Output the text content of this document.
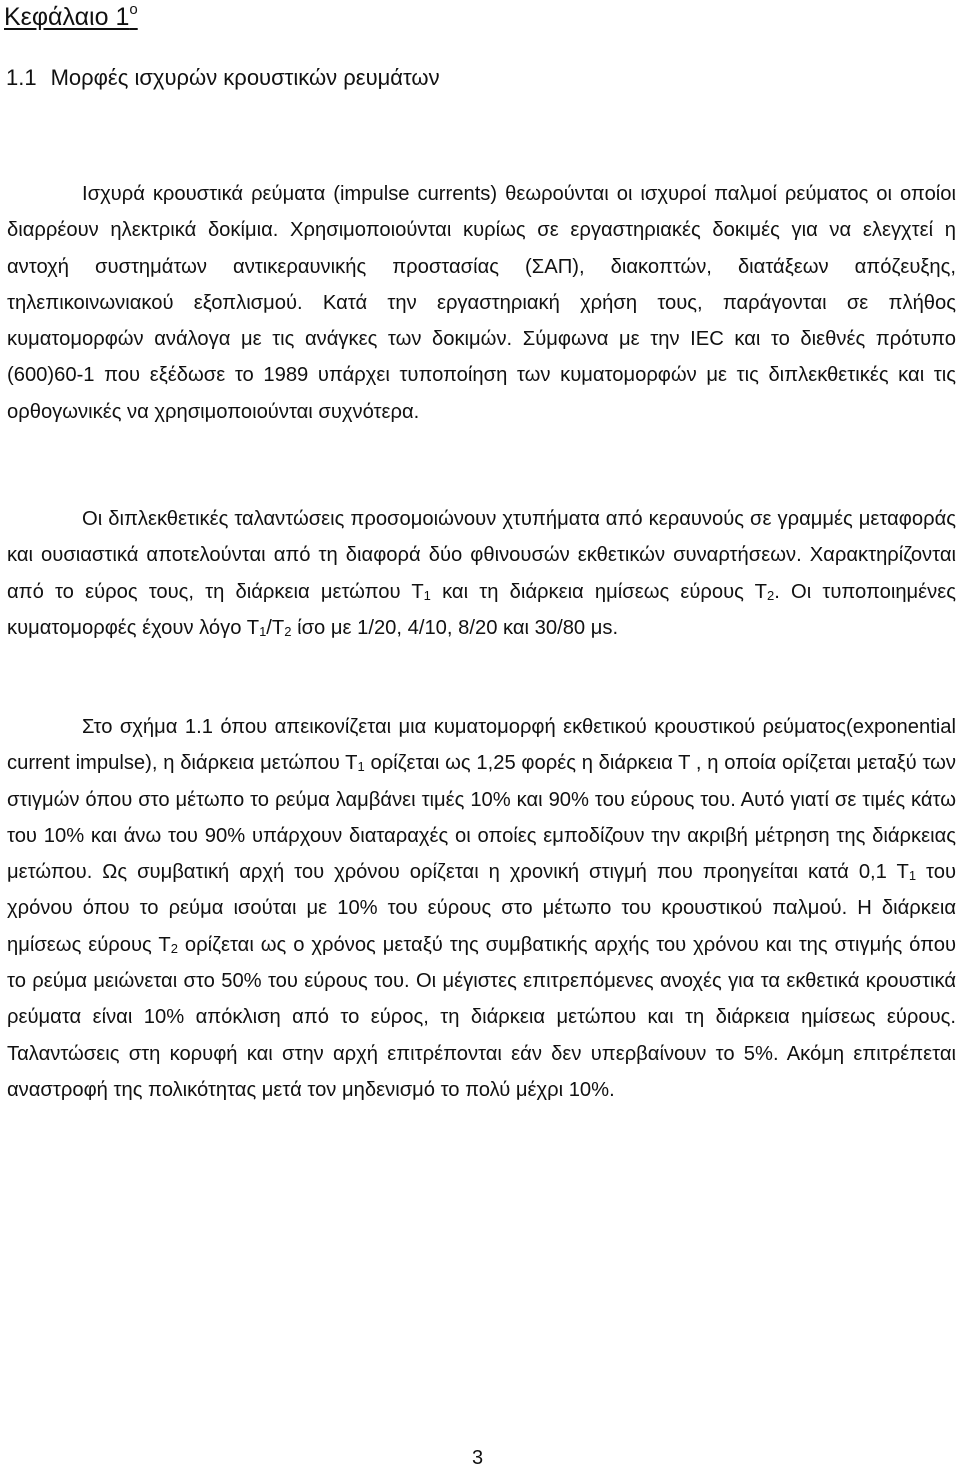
Κεφάλαιο $1^o$
1.1 Μορφές ισχυρών κρουστικών ρευμάτων

Ισχυρά κρουστικά ρεύματα (impulse currents) θεωρούνται οι ισχυροί παλμοί ρεύματος οι οποίοι διαρρέουν ηλεκτρικά δοκίμια. Χρησιμοποιούνται κυρίως σε εργαστηριακές δοκιμές για να ελεγχτεί η αντοχή συστημάτων αντικεραυνικής προστασίας (ΣΑΠ), διακοπτών, διατάξεων απόζευξης, τηλεπικοινωνιακού εξοπλισμού. Κατά την εργαστηριακή χρήση τους, παράγονται σε πλήθος κυματομορφών ανάλογα με τις ανάγκες των δοκιμών. Σύμφωνα με την IEC και το διεθνές πρότυπο (600)60-1 που εξέδωσε το 1989 υπάρχει τυποποίηση των κυματομορφών με τις διπλεκθετικές και τις ορθογωνικές να χρησιμοποιούνται συχνότερα.

Οι διπλεκθετικές ταλαντώσεις προσομοιώνουν χτυπήματα από κεραυνούς σε γραμμές μεταφοράς και ουσιαστικά αποτελούνται από τη διαφορά δύο φθινουσών εκθετικών συναρτήσεων. Χαρακτηρίζονται από το εύρος τους, τη διάρκεια μετώπου $T_1$ και τη διάρκεια ημίσεως εύρους $T_2$. Οι τυποποιημένες κυματομορφές έχουν λόγο $T_1/T_2$ ίσο με 1/20, 4/10, 8/20 και 30/80 μs.

Στο σχήμα 1.1 όπου απεικονίζεται μια κυματομορφή εκθετικού κρουστικού ρεύματος(exponential current impulse), η διάρκεια μετώπου $T_1$ ορίζεται ως 1,25 φορές η διάρκεια Τ , η οποία ορίζεται μεταξύ των στιγμών όπου στο μέτωπο το ρεύμα λαμβάνει τιμές 10% και 90% του εύρους του. Αυτό γιατί σε τιμές κάτω του 10% και άνω του 90% υπάρχουν διαταραχές οι οποίες εμποδίζουν την ακριβή μέτρηση της διάρκειας μετώπου. Ως συμβατική αρχή του χρόνου ορίζεται η χρονική στιγμή που προηγείται κατά 0,1 $T_1$ του χρόνου όπου το ρεύμα ισούται με 10% του εύρους στο μέτωπο του κρουστικού παλμού. Η διάρκεια ημίσεως εύρους $T_2$ ορίζεται ως ο χρόνος μεταξύ της συμβατικής αρχής του χρόνου και της στιγμής όπου το ρεύμα μειώνεται στο 50% του εύρους του. Οι μέγιστες επιτρεπόμενες ανοχές για τα εκθετικά κρουστικά ρεύματα είναι 10% απόκλιση από το εύρος, τη διάρκεια μετώπου και τη διάρκεια ημίσεως εύρους. Ταλαντώσεις στη κορυφή και στην αρχή επιτρέπονται εάν δεν υπερβαίνουν το 5%. Ακόμη επιτρέπεται αναστροφή της πολικότητας μετά τον μηδενισμό το πολύ μέχρι 10%.

3
